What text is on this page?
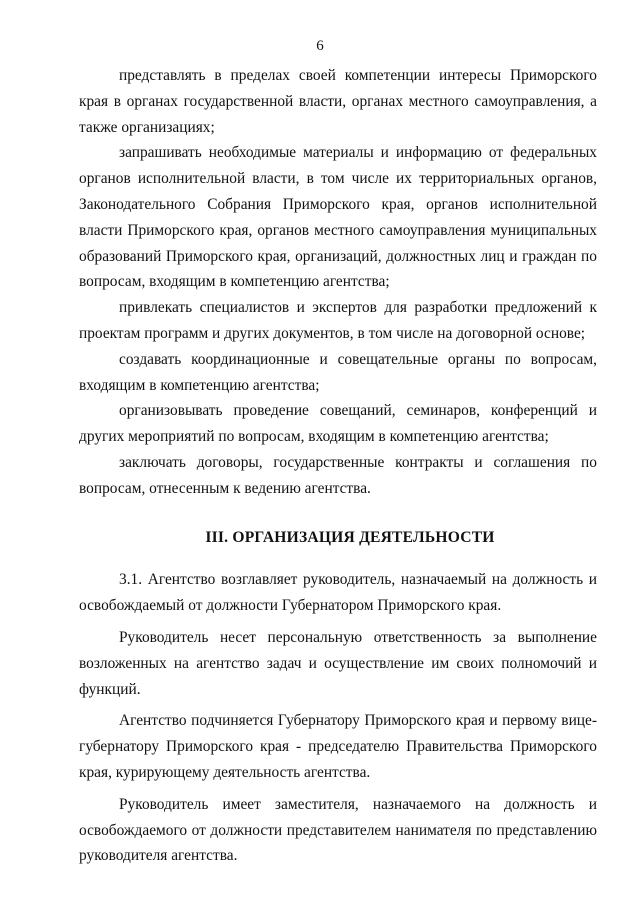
6

представлять в пределах своей компетенции интересы Приморского края в органах государственной власти, органах местного самоуправления, а также организациях;

запрашивать необходимые материалы и информацию от федеральных органов исполнительной власти, в том числе их территориальных органов, Законодательного Собрания Приморского края, органов исполнительной власти Приморского края, органов местного самоуправления муниципальных образований Приморского края, организаций, должностных лиц и граждан по вопросам, входящим в компетенцию агентства;

привлекать специалистов и экспертов для разработки предложений к проектам программ и других документов, в том числе на договорной основе;

создавать координационные и совещательные органы по вопросам, входящим в компетенцию агентства;

организовывать проведение совещаний, семинаров, конференций и других мероприятий по вопросам, входящим в компетенцию агентства;

заключать договоры, государственные контракты и соглашения по вопросам, отнесенным к ведению агентства.

III. ОРГАНИЗАЦИЯ ДЕЯТЕЛЬНОСТИ

3.1. Агентство возглавляет руководитель, назначаемый на должность и освобождаемый от должности Губернатором Приморского края.

Руководитель несет персональную ответственность за выполнение возложенных на агентство задач и осуществление им своих полномочий и функций.

Агентство подчиняется Губернатору Приморского края и первому вице-губернатору Приморского края - председателю Правительства Приморского края, курирующему деятельность агентства.

Руководитель имеет заместителя, назначаемого на должность и освобождаемого от должности представителем нанимателя по представлению руководителя агентства.
